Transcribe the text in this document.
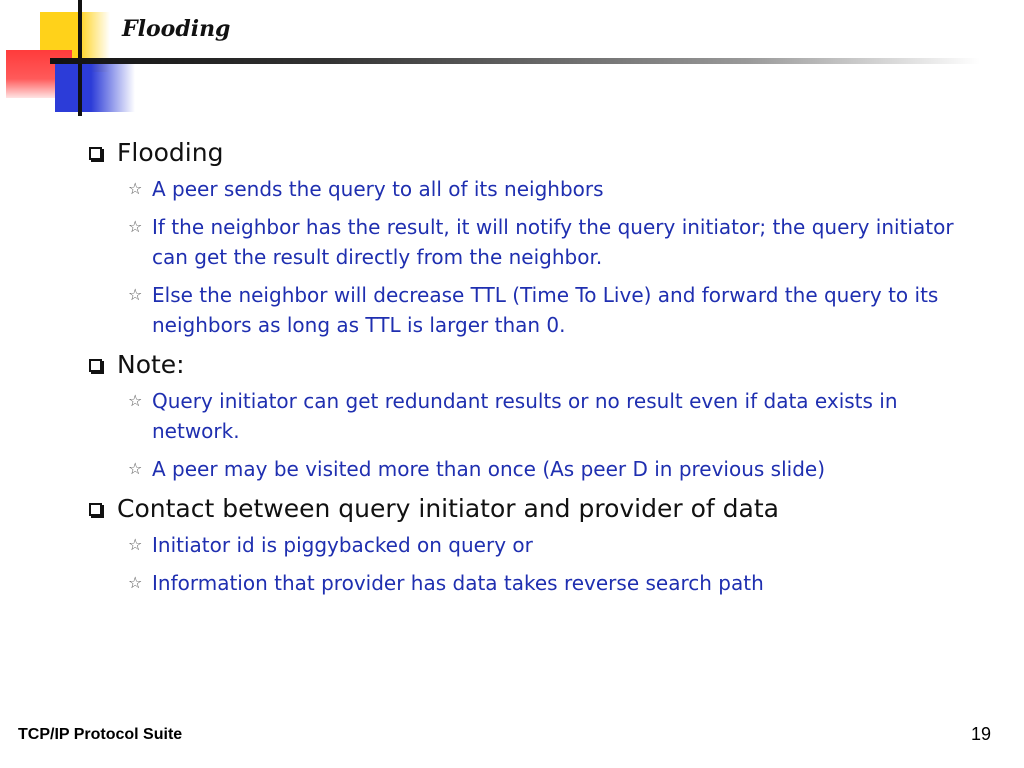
Flooding
Flooding
☆ A peer sends the query to all of its neighbors
☆ If the neighbor has the result, it will notify the query initiator; the query initiator can get the result directly from the neighbor.
☆ Else the neighbor will decrease TTL (Time To Live) and forward the query to its neighbors as long as TTL is larger than 0.
Note:
☆ Query initiator can get redundant results or no result even if data exists in network.
☆ A peer may be visited more than once (As peer D in previous slide)
Contact between query initiator and provider of data
☆ Initiator id is piggybacked on query or
☆ Information that provider has data takes reverse search path
TCP/IP Protocol Suite	19
